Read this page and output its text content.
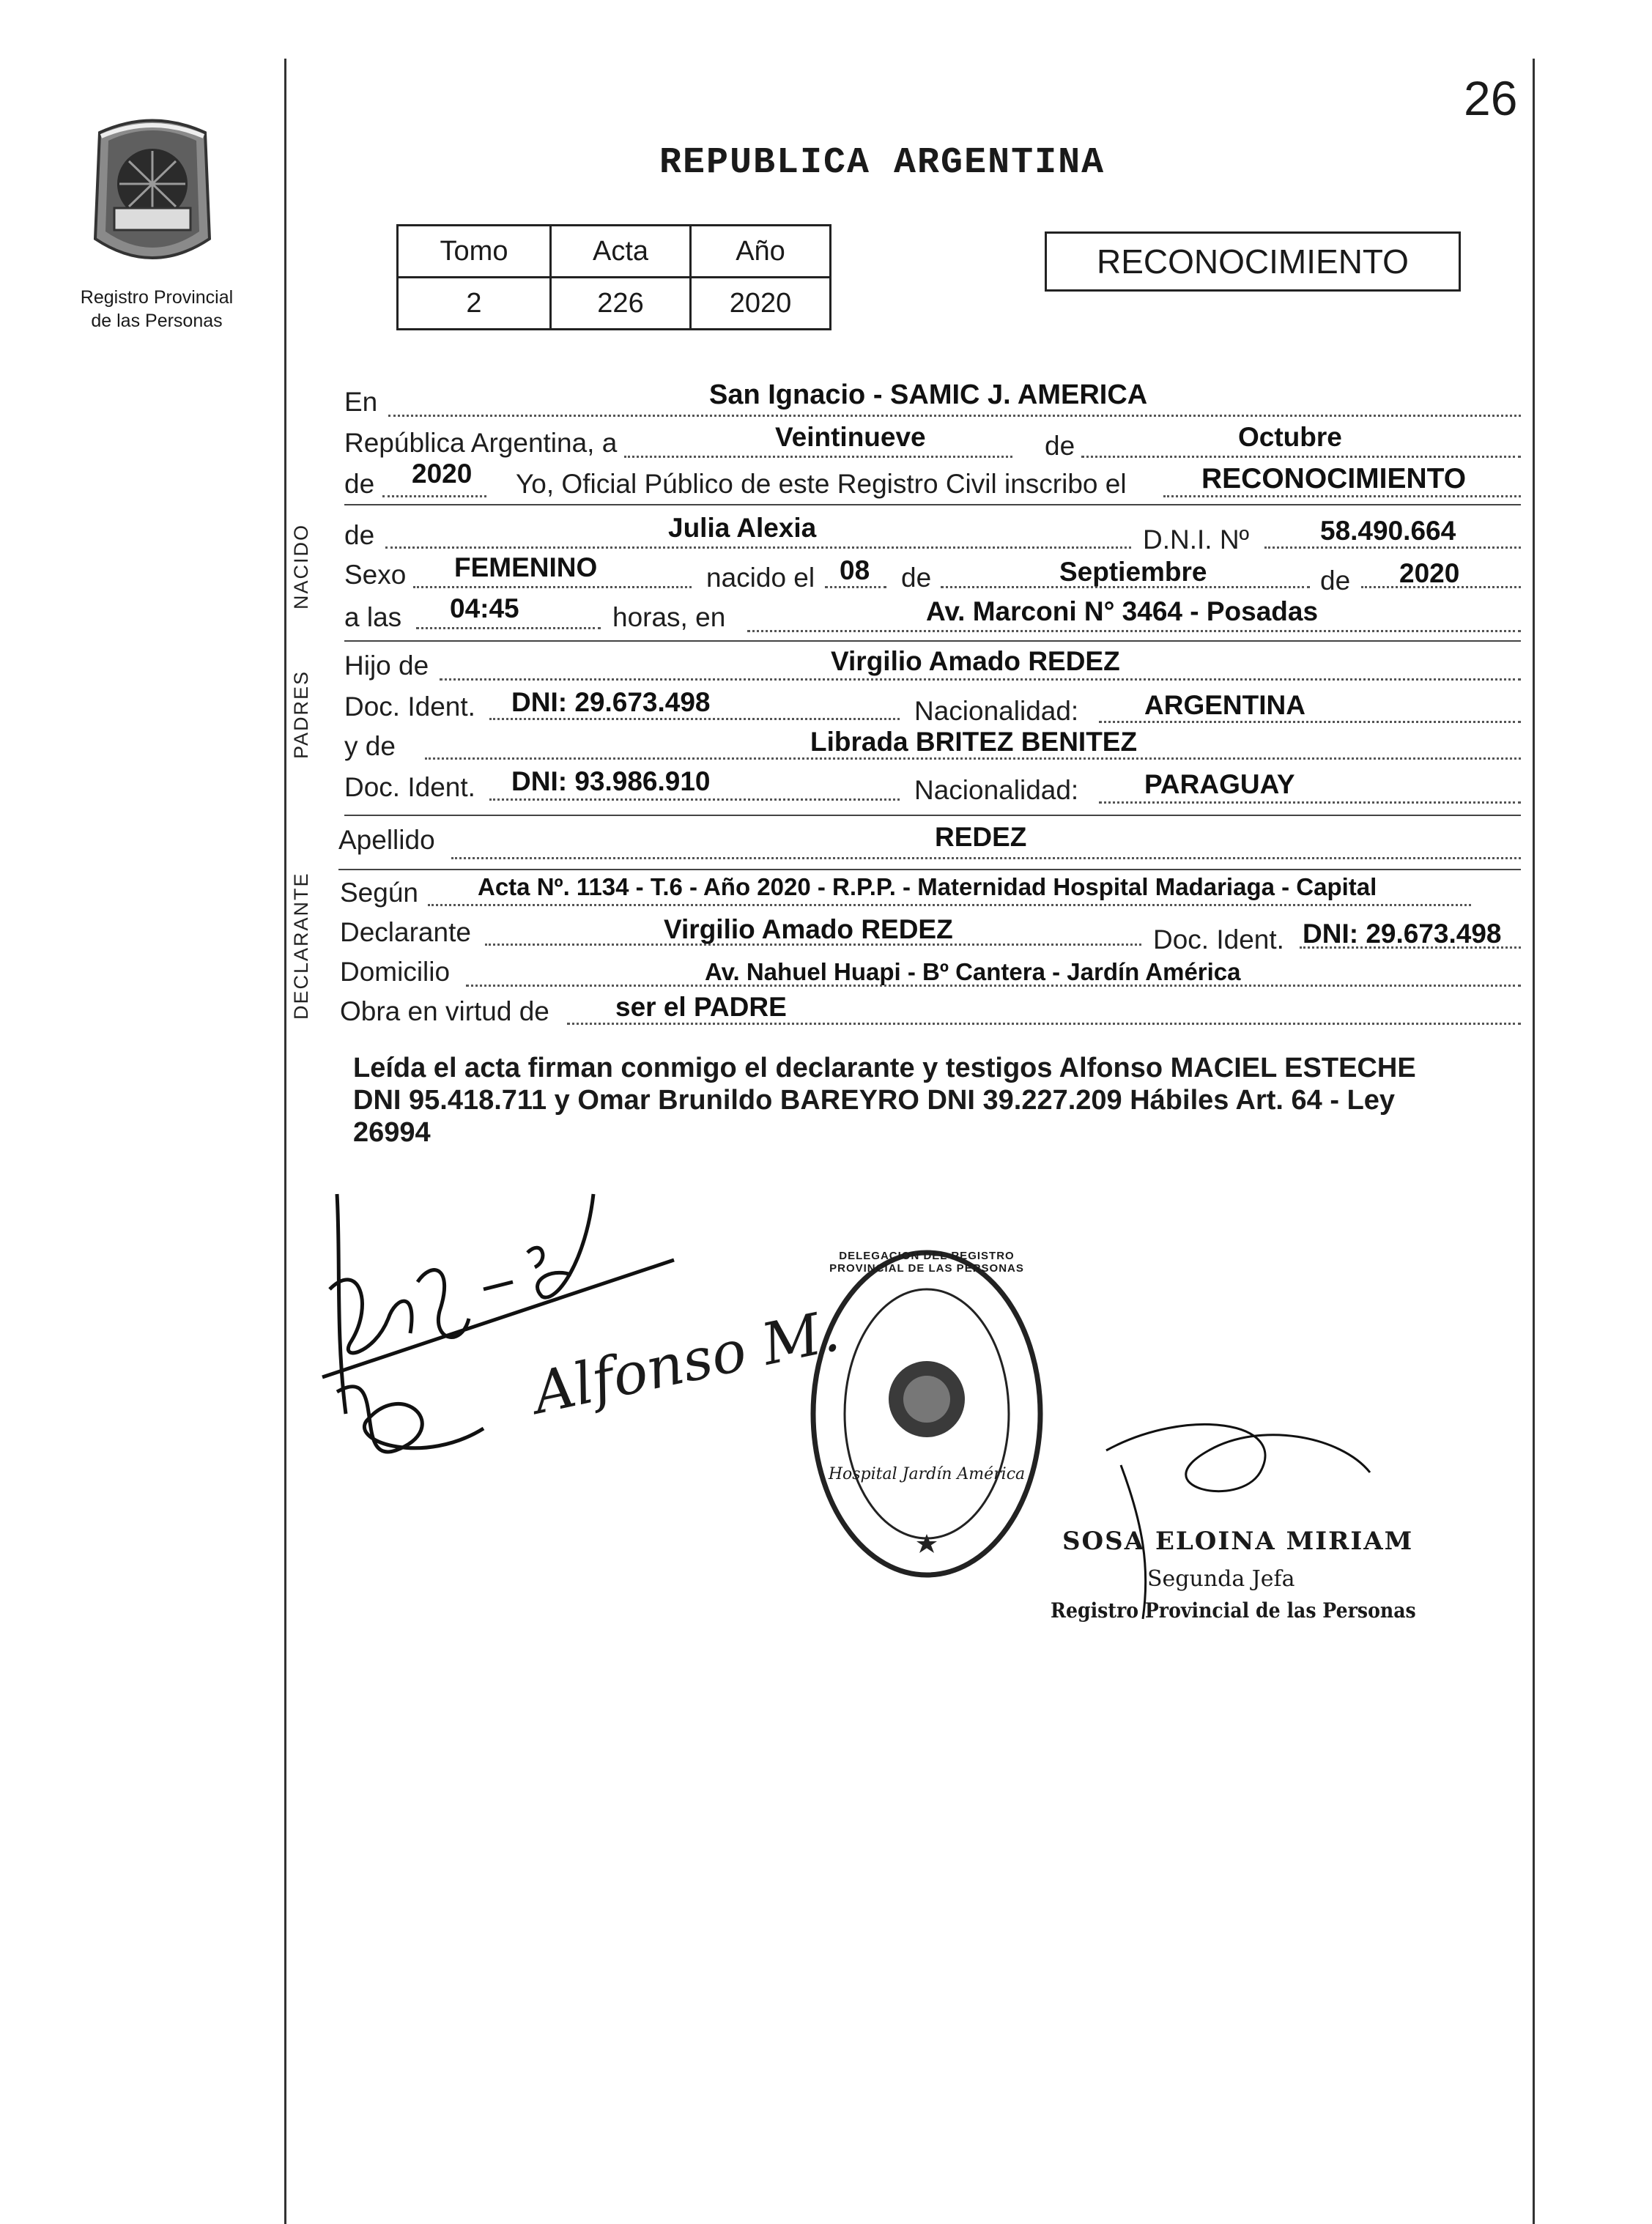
26
Registro Provincial
de las Personas
REPUBLICA ARGENTINA
Tomo	Acta	Año
2	226	2020
RECONOCIMIENTO
En	San Ignacio - SAMIC J. AMERICA
República Argentina, a	Veintinueve	de	Octubre
de 2020 Yo, Oficial Público de este Registro Civil inscribo el	RECONOCIMIENTO
NACIDO de	Julia Alexia	D.N.I. Nº	58.490.664
Sexo FEMENINO	nacido el 08 de	Septiembre	de 2020
a las 04:45	horas, en	Av. Marconi N° 3464 - Posadas
PADRES
Hijo de	Virgilio Amado REDEZ
Doc. Ident. DNI: 29.673.498	Nacionalidad: ARGENTINA
y de	Librada BRITEZ BENITEZ
Doc. Ident. DNI: 93.986.910	Nacionalidad: PARAGUAY
Apellido	REDEZ
DECLARANTE Según Acta Nº. 1134 - T.6 - Año 2020 - R.P.P. - Maternidad Hospital Madariaga - Capital
Declarante	Virgilio Amado REDEZ	Doc. Ident. DNI: 29.673.498
Domicilio	Av. Nahuel Huapi - Bº Cantera - Jardín América
Obra en virtud de ser el PADRE
Leída el acta firman conmigo el declarante y testigos Alfonso MACIEL ESTECHE
DNI 95.418.711 y Omar Brunildo BAREYRO DNI 39.227.209 Hábiles Art. 64 - Ley
26994
Alfonso M.
DELEGACION DEL REGISTRO PROVINCIAL DE LAS PERSONAS
Hospital Jardín América
SOSA ELOINA MIRIAM
Segunda Jefa
Registro Provincial de las Personas
